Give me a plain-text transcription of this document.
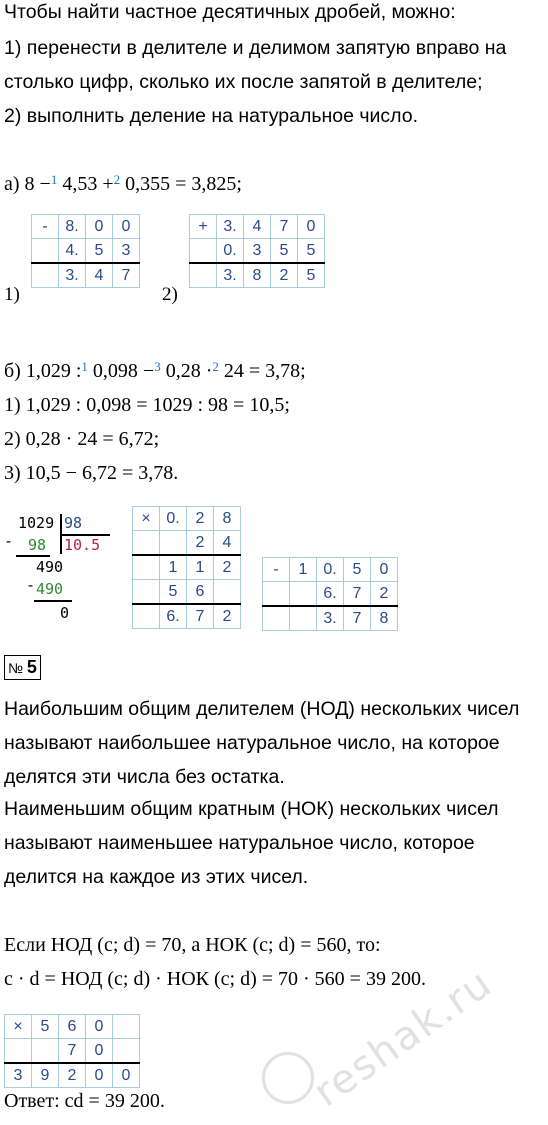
Чтобы найти частное десятичных дробей, можно:
1) перенести в делителе и делимом запятую вправо на
столько цифр, сколько их после запятой в делителе;
2) выполнить деление на натуральное число.
а) 8 −$^1$ 4,53 +$^2$ 0,355 = 3,825;
1)
-	8.	0	0
	4.	5	3
	3.	4	7
2)
+	3.	4	7	0
	0.	3	5	5
	3.	8	2	5
б) 1,029 :$^1$ 0,098 −$^3$ 0,28 ·$^2$ 24 = 3,78;
1) 1,029 : 0,098 = 1029 : 98 = 10,5;
2) 0,28 · 24 = 6,72;
3) 10,5 − 6,72 = 3,78.
1029 98
10.5
- 98
490
- 490
0
×	0.	2	8
		2	4
	1	1	2
	5	6	
	6.	7	2
-	1	0.	5	0
		6.	7	2
		3.	7	8
№ 5
Наибольшим общим делителем (НОД) нескольких чисел
называют наибольшее натуральное число, на которое
делятся эти числа без остатка.
Наименьшим общим кратным (НОК) нескольких чисел
называют наименьшее натуральное число, которое
делится на каждое из этих чисел.
Если НОД (c; d) = 70, а НОК (c; d) = 560, то:
c · d = НОД (c; d) · НОК (c; d) = 70 · 560 = 39 200.
×	5	6	0	
		7	0	
3	9	2	0	0
Ответ: cd = 39 200.	reshak.ru
